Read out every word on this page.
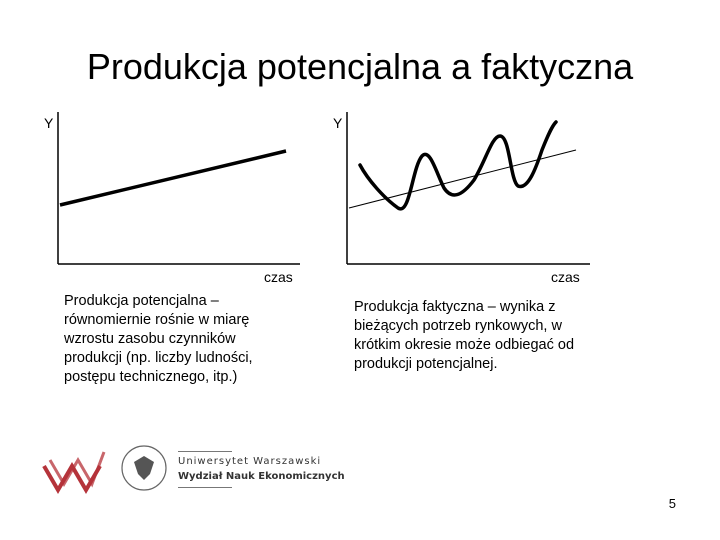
Produkcja potencjalna a faktyczna
Y
czas
Y
czas
Produkcja potencjalna – równomiernie rośnie w miarę wzrostu zasobu czynników produkcji (np. liczby ludności, postępu technicznego, itp.)
Produkcja faktyczna – wynika z bieżących potrzeb rynkowych, w krótkim okresie może odbiegać od produkcji potencjalnej.
Uniwersytet Warszawski
Wydział Nauk Ekonomicznych
5
